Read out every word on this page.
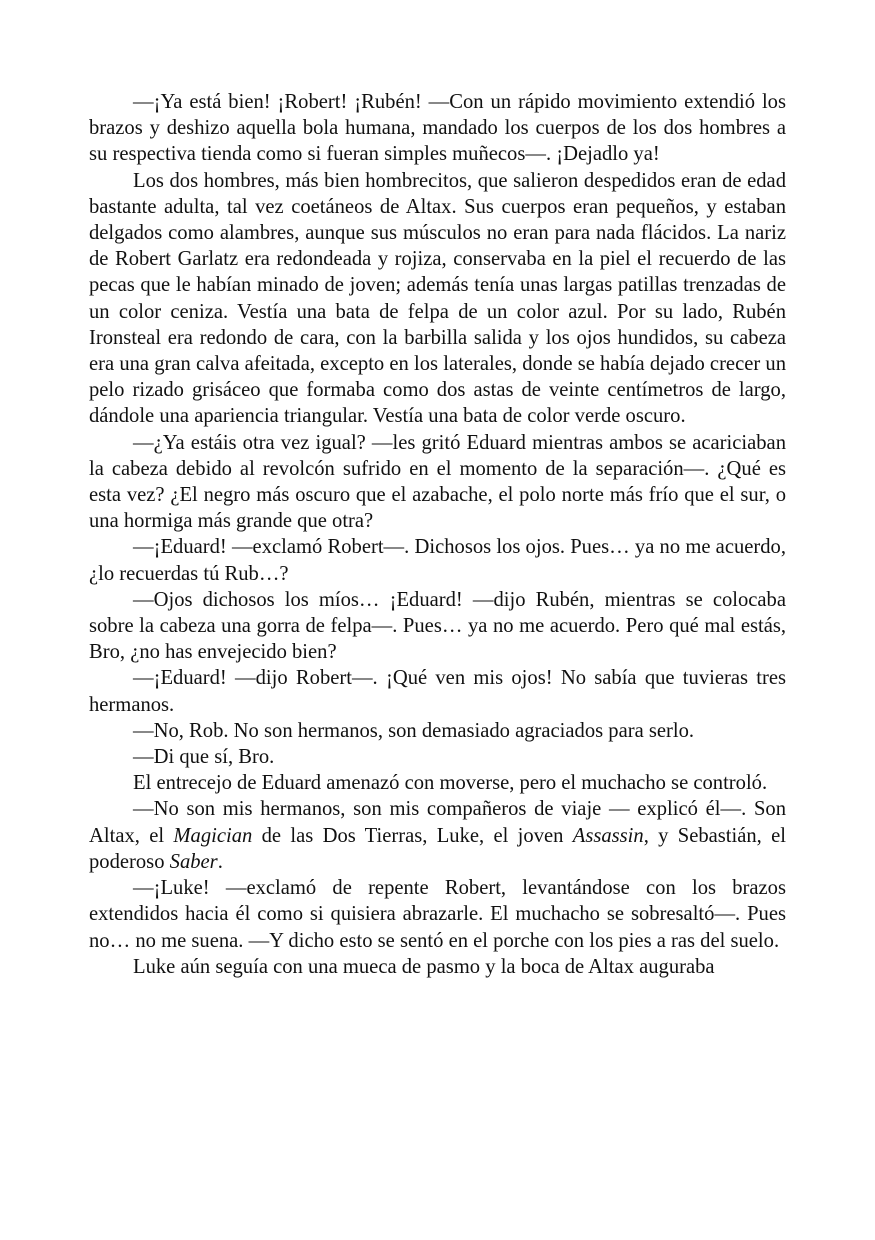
—¡Ya está bien! ¡Robert! ¡Rubén! —Con un rápido movimiento extendió los brazos y deshizo aquella bola humana, mandado los cuerpos de los dos hombres a su respectiva tienda como si fueran simples muñecos—. ¡Dejadlo ya!

Los dos hombres, más bien hombrecitos, que salieron despedidos eran de edad bastante adulta, tal vez coetáneos de Altax. Sus cuerpos eran pequeños, y estaban delgados como alambres, aunque sus músculos no eran para nada flácidos. La nariz de Robert Garlatz era redondeada y rojiza, conservaba en la piel el recuerdo de las pecas que le habían minado de joven; además tenía unas largas patillas trenzadas de un color ceniza. Vestía una bata de felpa de un color azul. Por su lado, Rubén Ironsteal era redondo de cara, con la barbilla salida y los ojos hundidos, su cabeza era una gran calva afeitada, excepto en los laterales, donde se había dejado crecer un pelo rizado grisáceo que formaba como dos astas de veinte centímetros de largo, dándole una apariencia triangular. Vestía una bata de color verde oscuro.

—¿Ya estáis otra vez igual? —les gritó Eduard mientras ambos se acariciaban la cabeza debido al revolcón sufrido en el momento de la separación—. ¿Qué es esta vez? ¿El negro más oscuro que el azabache, el polo norte más frío que el sur, o una hormiga más grande que otra?

—¡Eduard! —exclamó Robert—. Dichosos los ojos. Pues… ya no me acuerdo, ¿lo recuerdas tú Rub…?

—Ojos dichosos los míos… ¡Eduard! —dijo Rubén, mientras se colocaba sobre la cabeza una gorra de felpa—. Pues… ya no me acuerdo. Pero qué mal estás, Bro, ¿no has envejecido bien?

—¡Eduard! —dijo Robert—. ¡Qué ven mis ojos! No sabía que tuvieras tres hermanos.

—No, Rob. No son hermanos, son demasiado agraciados para serlo.

—Di que sí, Bro.

El entrecejo de Eduard amenazó con moverse, pero el muchacho se controló.

—No son mis hermanos, son mis compañeros de viaje — explicó él—. Son Altax, el Magician de las Dos Tierras, Luke, el joven Assassin, y Sebastián, el poderoso Saber.

—¡Luke! —exclamó de repente Robert, levantándose con los brazos extendidos hacia él como si quisiera abrazarle. El muchacho se sobresaltó—. Pues no… no me suena. —Y dicho esto se sentó en el porche con los pies a ras del suelo.

Luke aún seguía con una mueca de pasmo y la boca de Altax auguraba
